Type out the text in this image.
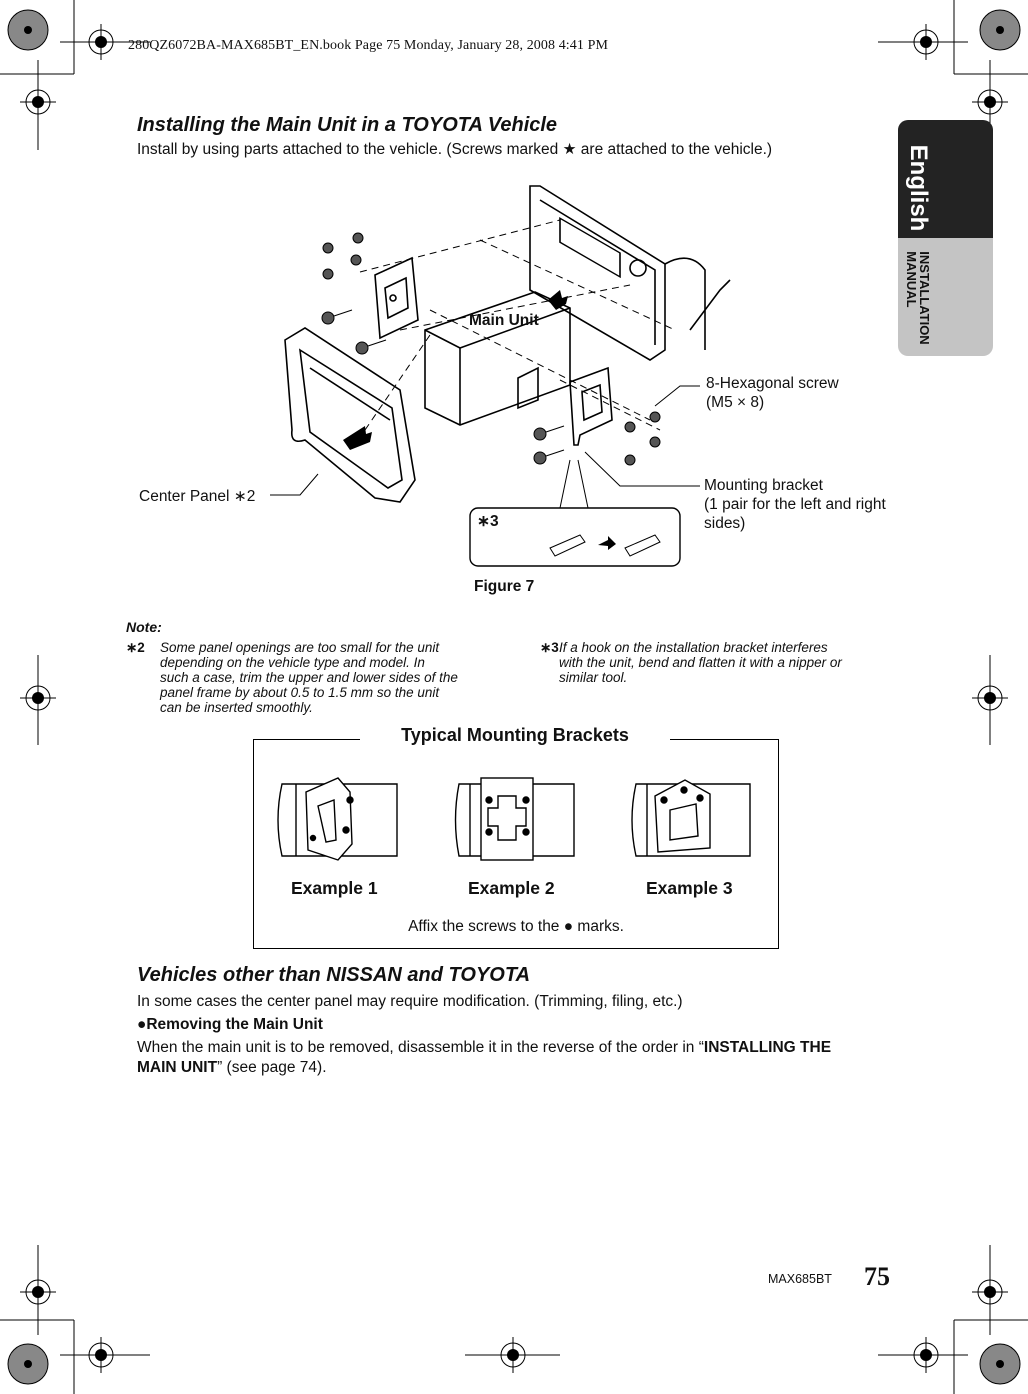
280QZ6072BA-MAX685BT_EN.book Page 75 Monday, January 28, 2008 4:41 PM
English
INSTALLATION
MANUAL
Installing the Main Unit in a TOYOTA Vehicle
Install by using parts attached to the vehicle. (Screws marked ★ are attached to the vehicle.)
Main Unit
8-Hexagonal screw
(M5 × 8)
Mounting bracket
(1 pair for the left and right
sides)
Center Panel ∗2
∗3
Figure 7
Note:
∗2	Some panel openings are too small for the unit
depending on the vehicle type and model. In
such a case, trim the upper and lower sides of the
panel frame by about 0.5 to 1.5 mm so the unit
can be inserted smoothly.
∗3 If a hook on the installation bracket interferes
with the unit, bend and flatten it with a nipper or
similar tool.
Typical Mounting Brackets
Example 1	Example 2	Example 3
Affix the screws to the ● marks.
Vehicles other than NISSAN and TOYOTA
In some cases the center panel may require modification. (Trimming, filing, etc.)
●Removing the Main Unit
When the main unit is to be removed, disassemble it in the reverse of the order in “INSTALLING THE
MAIN UNIT” (see page 74).
MAX685BT 75
